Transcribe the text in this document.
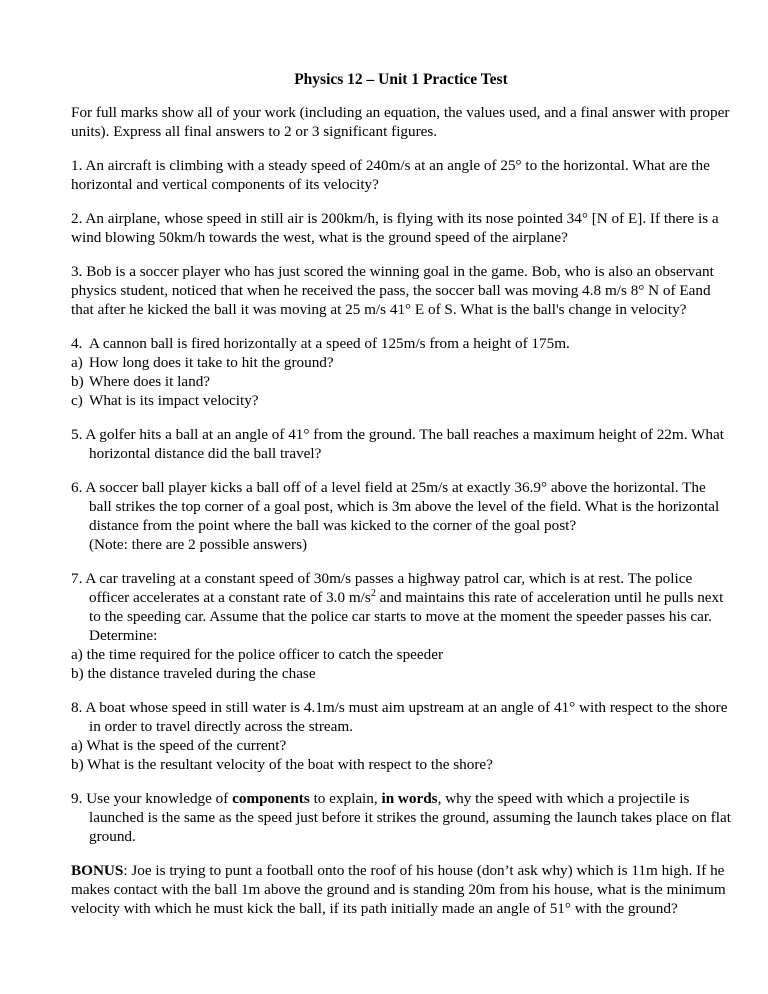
Physics 12 – Unit 1 Practice Test

For full marks show all of your work (including an equation, the values used, and a final answer with proper units). Express all final answers to 2 or 3 significant figures.

1. An aircraft is climbing with a steady speed of 240m/s at an angle of 25° to the horizontal. What are the horizontal and vertical components of its velocity?

2. An airplane, whose speed in still air is 200km/h, is flying with its nose pointed 34° [N of E]. If there is a wind blowing 50km/h towards the west, what is the ground speed of the airplane?

3. Bob is a soccer player who has just scored the winning goal in the game. Bob, who is also an observant physics student, noticed that when he received the pass, the soccer ball was moving 4.8 m/s 8° N of Eand that after he kicked the ball it was moving at 25 m/s 41° E of S. What is the ball's change in velocity?

4. A cannon ball is fired horizontally at a speed of 125m/s from a height of 175m.
a) How long does it take to hit the ground?
b) Where does it land?
c) What is its impact velocity?

5. A golfer hits a ball at an angle of 41° from the ground. The ball reaches a maximum height of 22m. What horizontal distance did the ball travel?

6. A soccer ball player kicks a ball off of a level field at 25m/s at exactly 36.9° above the horizontal. The ball strikes the top corner of a goal post, which is 3m above the level of the field. What is the horizontal distance from the point where the ball was kicked to the corner of the goal post?

(Note: there are 2 possible answers)

7. A car traveling at a constant speed of 30m/s passes a highway patrol car, which is at rest. The police officer accelerates at a constant rate of 3.0 $m/s^2$ and maintains this rate of acceleration until he pulls next to the speeding car. Assume that the police car starts to move at the moment the speeder passes his car.

Determine:

a) the time required for the police officer to catch the speeder

b) the distance traveled during the chase

8. A boat whose speed in still water is 4.1m/s must aim upstream at an angle of 41° with respect to the shore in order to travel directly across the stream.

a) What is the speed of the current?

b) What is the resultant velocity of the boat with respect to the shore?

9. Use your knowledge of components to explain, in words, why the speed with which a projectile is launched is the same as the speed just before it strikes the ground, assuming the launch takes place on flat ground.

BONUS: Joe is trying to punt a football onto the roof of his house (don’t ask why) which is 11m high. If he makes contact with the ball 1m above the ground and is standing 20m from his house, what is the minimum velocity with which he must kick the ball, if its path initially made an angle of 51° with the ground?
